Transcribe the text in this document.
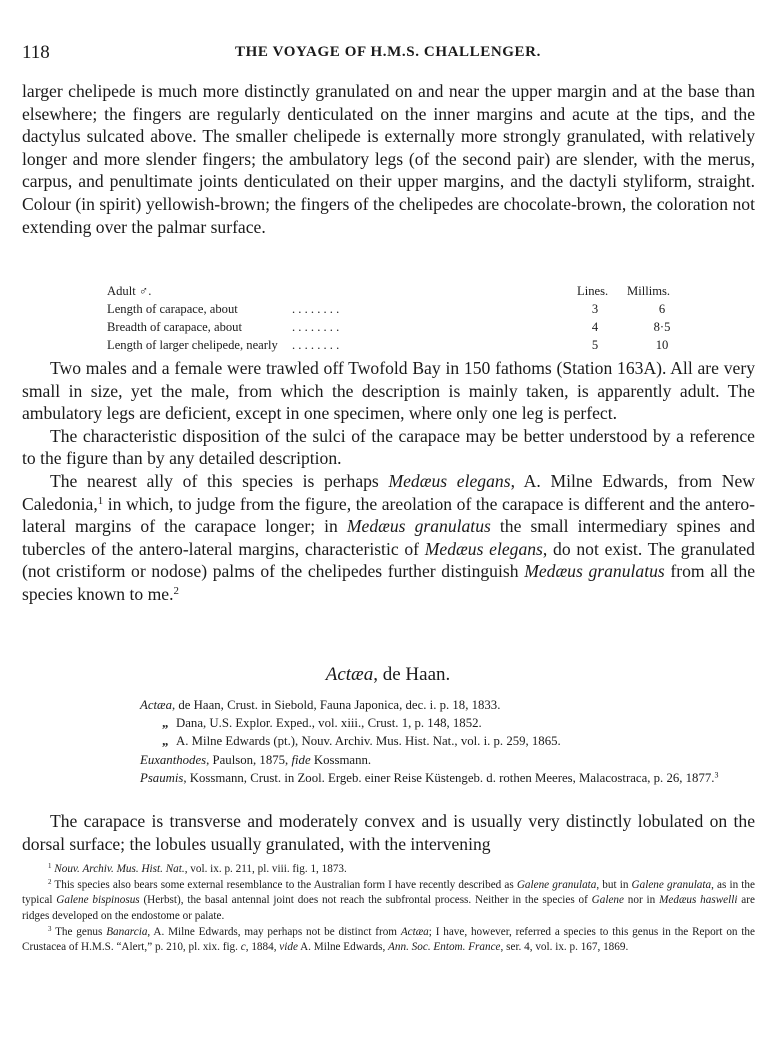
118	THE VOYAGE OF H.M.S. CHALLENGER.

larger chelipede is much more distinctly granulated on and near the upper margin and at the base than elsewhere; the fingers are regularly denticulated on the inner margins and acute at the tips, and the dactylus sulcated above. The smaller chelipede is externally more strongly granulated, with relatively longer and more slender fingers; the ambulatory legs (of the second pair) are slender, with the merus, carpus, and penultimate joints denticulated on their upper margins, and the dactyli styliform, straight. Colour (in spirit) yellowish-brown; the fingers of the chelipedes are chocolate-brown, the coloration not extending over the palmar surface.

Adult ♂.	Lines. Millims.
Length of carapace, about	. . . . . . . .	3	6
Breadth of carapace, about	. . . . . . . .	4	8·5
Length of larger chelipede, nearly . . . . . . . .	5	10

Two males and a female were trawled off Twofold Bay in 150 fathoms (Station 163A). All are very small in size, yet the male, from which the description is mainly taken, is apparently adult. The ambulatory legs are deficient, except in one specimen, where only one leg is perfect.

The characteristic disposition of the sulci of the carapace may be better understood by a reference to the figure than by any detailed description.

The nearest ally of this species is perhaps Medæus elegans, A. Milne Edwards, from New Caledonia,$^1$ in which, to judge from the figure, the areolation of the carapace is different and the antero-lateral margins of the carapace longer; in Medæus granulatus the small intermediary spines and tubercles of the antero-lateral margins, characteristic of Medæus elegans, do not exist. The granulated (not cristiform or nodose) palms of the chelipedes further distinguish Medæus granulatus from all the species known to me.$^2$

Actæa, de Haan.

Actæa, de Haan, Crust. in Siebold, Fauna Japonica, dec. i. p. 18, 1833.

„ Dana, U.S. Explor. Exped., vol. xiii., Crust. 1, p. 148, 1852.

„ A. Milne Edwards (pt.), Nouv. Archiv. Mus. Hist. Nat., vol. i. p. 259, 1865.

Euxanthodes, Paulson, 1875, fide Kossmann.

Psaumis, Kossmann, Crust. in Zool. Ergeb. einer Reise Küstengeb. d. rothen Meeres, Malacostraca, p. 26, 1877.$^3$

The carapace is transverse and moderately convex and is usually very distinctly lobulated on the dorsal surface; the lobules usually granulated, with the intervening

$^1$ Nouv. Archiv. Mus. Hist. Nat., vol. ix. p. 211, pl. viii. fig. 1, 1873.

$^2$ This species also bears some external resemblance to the Australian form I have recently described as Galene granulata, but in Galene granulata, as in the typical Galene bispinosus (Herbst), the basal antennal joint does not reach the subfrontal process. Neither in the species of Galene nor in Medæus haswelli are ridges developed on the endostome or palate.

$^3$ The genus Banarcia, A. Milne Edwards, may perhaps not be distinct from Actæa; I have, however, referred a species to this genus in the Report on the Crustacea of H.M.S. “Alert,” p. 210, pl. xix. fig. c, 1884, vide A. Milne Edwards, Ann. Soc. Entom. France, ser. 4, vol. ix. p. 167, 1869.
